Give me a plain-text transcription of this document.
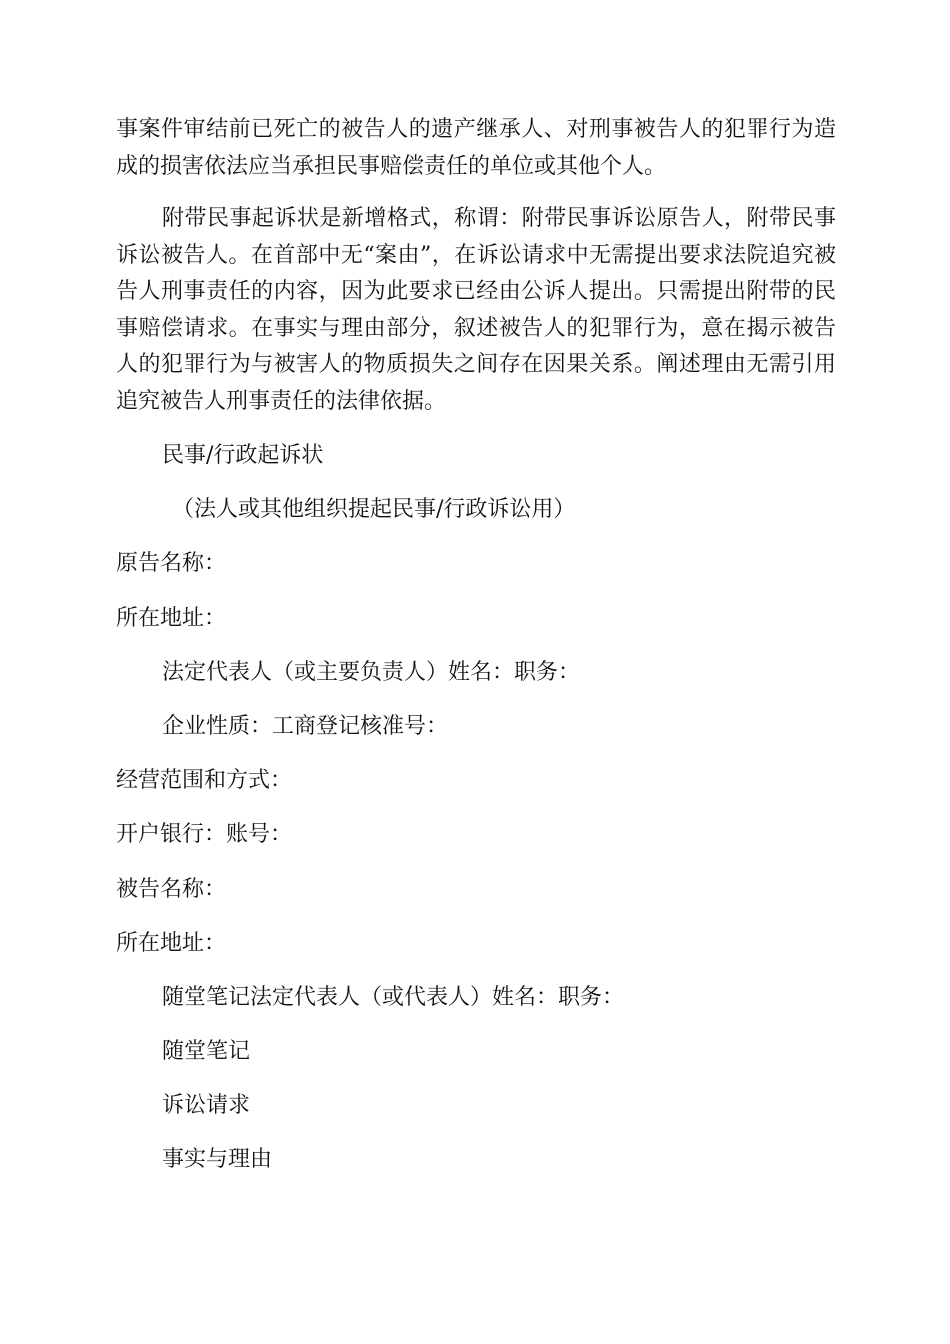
事案件审结前已死亡的被告人的遗产继承人、对刑事被告人的犯罪行为造成的损害依法应当承担民事赔偿责任的单位或其他个人。

附带民事起诉状是新增格式，称谓：附带民事诉讼原告人，附带民事诉讼被告人。在首部中无“案由”，在诉讼请求中无需提出要求法院追究被告人刑事责任的内容，因为此要求已经由公诉人提出。只需提出附带的民事赔偿请求。在事实与理由部分，叙述被告人的犯罪行为，意在揭示被告人的犯罪行为与被害人的物质损失之间存在因果关系。阐述理由无需引用追究被告人刑事责任的法律依据。

民事/行政起诉状

（法人或其他组织提起民事/行政诉讼用）

原告名称：

所在地址：

法定代表人（或主要负责人）姓名：职务：

企业性质：工商登记核准号：

经营范围和方式：

开户银行：账号：

被告名称：

所在地址：

随堂笔记法定代表人（或代表人）姓名：职务：

随堂笔记

诉讼请求

事实与理由
